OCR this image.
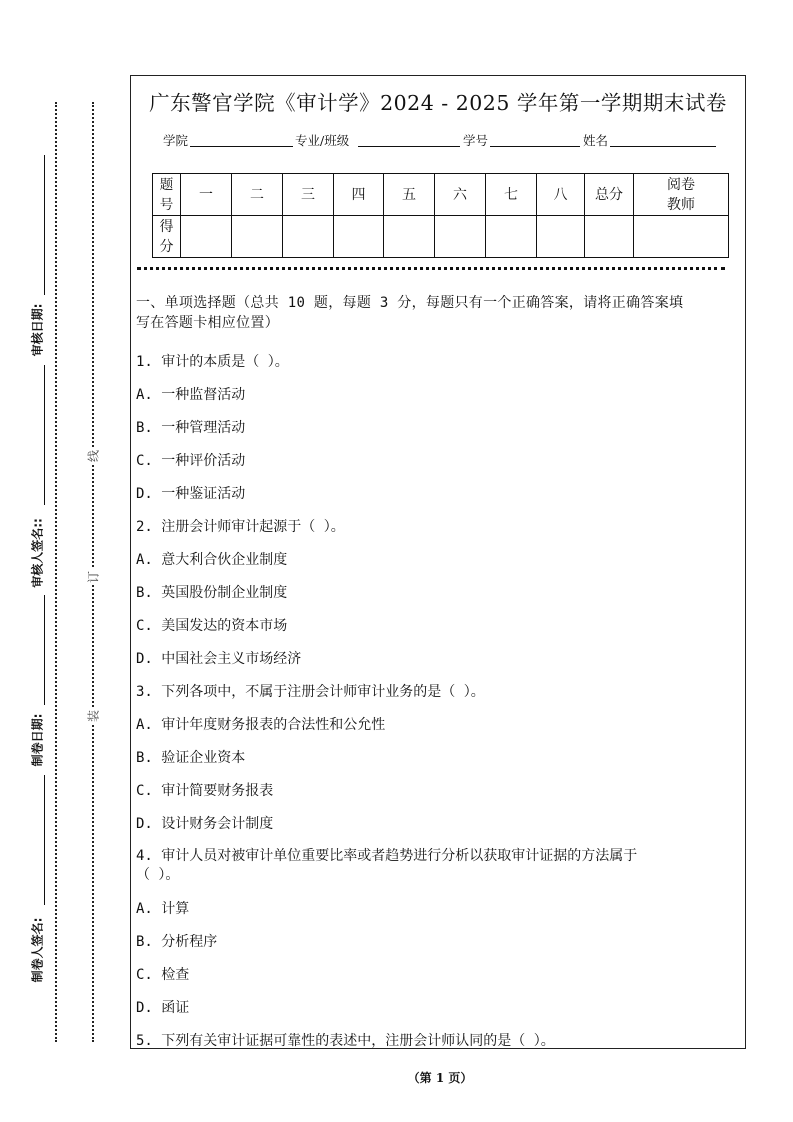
审核日期:
审核人签名::
制卷日期:
制卷人签名:
线
订
装
广东警官学院《审计学》2024 - 2025 学年第一学期期末试卷
学院	专业/班级	学号	姓名
题号	一	二	三	四	五	六	七	八	总分	阅卷教师

得分										

一、单项选择题（总共 10 题，每题 3 分，每题只有一个正确答案，请将正确答案填
写在答题卡相应位置）
1. 审计的本质是（ ）。
A. 一种监督活动
B. 一种管理活动
C. 一种评价活动
D. 一种鉴证活动
2. 注册会计师审计起源于（ ）。
A. 意大利合伙企业制度
B. 英国股份制企业制度
C. 美国发达的资本市场
D. 中国社会主义市场经济
3. 下列各项中，不属于注册会计师审计业务的是（ ）。
A. 审计年度财务报表的合法性和公允性
B. 验证企业资本
C. 审计简要财务报表
D. 设计财务会计制度
4. 审计人员对被审计单位重要比率或者趋势进行分析以获取审计证据的方法属于
（ ）。
A. 计算
B. 分析程序
C. 检查
D. 函证
5. 下列有关审计证据可靠性的表述中，注册会计师认同的是（ ）。
（第 1 页）
